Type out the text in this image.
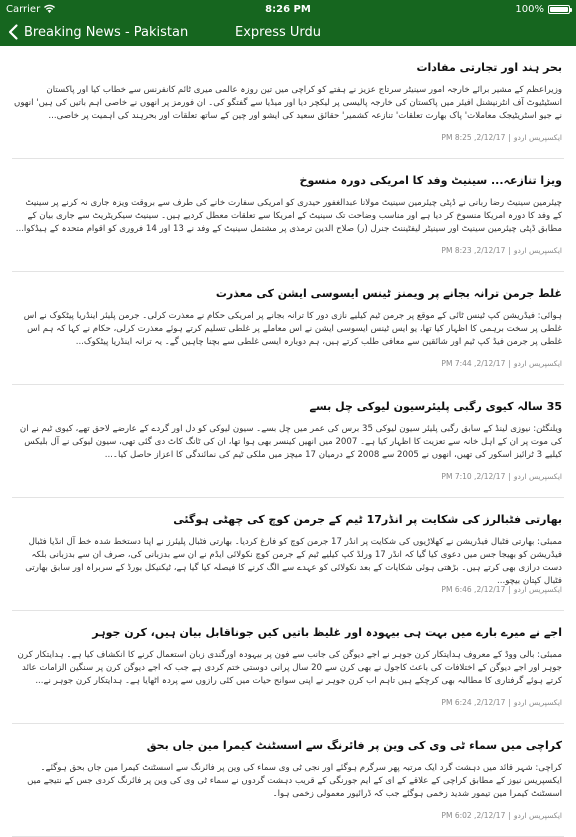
Carrier	8:26 PM	100%
Breaking News - Pakistan	Express Urdu
بحر ہند اور تجارتی مفادات
وزیراعظم کے مشیر برائے خارجہ امور سینیٹر سرتاج عزیز نے ہفتے کو کراچی میں تین روزہ عالمی میری ٹائم کانفرنس سے خطاب کیا اور پاکستان انسٹیٹیوٹ آف انٹرنیشنل افیئر میں پاکستان کی خارجہ پالیسی پر لیکچر دیا اور میڈیا سے گفتگو کی۔ ان فورمز پر انھوں نے خاصی اہم باتیں کی ہیں' انھوں نے جیو اسٹریٹیجک معاملات' پاک بھارت تعلقات' تنازعہ کشمیر' حقائق سعید کی ایشو اور چین کے ساتھ تعلقات اور بحرہند کی اہمیت پر خاصی...
ایکسپریس اردو|2/12/17, 8:25 PM
ویزا تنازعہ... سینیٹ وفد کا امریکی دورہ منسوخ
چیئرمین سینیٹ رضا ربانی نے ڈپٹی چیئرمین سینیٹ مولانا عبدالغفور حیدری کو امریکی سفارت خانے کی طرف سے بروقت ویزہ جاری نہ کرنے پر سینیٹ کے وفد کا دورہ امریکا منسوخ کر دیا ہے اور مناسب وضاحت تک سینیٹ کے امریکا سے تعلقات معطل کردیے ہیں۔ سینیٹ سیکریٹریٹ سے جاری بیان کے مطابق ڈپٹی چیئرمین سینیٹ اور سینیٹر لیفٹیننٹ جنرل (ر) صلاح الدین ترمذی پر مشتمل سینیٹ کے وفد نے 13 اور 14 فروری کو اقوام متحدہ کے ہیڈکوا...
ایکسپریس اردو|2/12/17, 8:23 PM
غلط جرمن ترانہ بجانے پر ویمنز ٹینس ایسوسی ایشن کی معذرت
ہوائی: فیڈریشن کپ ٹینس ٹائی کے موقع پر جرمن ٹیم کیلیے نازی دور کا ترانہ بجانے پر امریکی حکام نے معذرت کرلی۔ جرمن پلیئر اینڈریا پیٹکوک نے اس غلطی پر سخت برہمی کا اظہار کیا تھا، یو ایس ٹینس ایسوسی ایشن نے اس معاملے پر غلطی تسلیم کرتے ہوئے معذرت کرلی، حکام نے کہا کہ ہم اس غلطی پر جرمن فیڈ کپ ٹیم اور شائقین سے معافی طلب کرتے ہیں، ہم دوبارہ ایسی غلطی سے بچنا چاہیں گے۔ یہ ترانہ اینڈریا پیٹکوک...
ایکسپریس اردو|2/12/17, 7:44 PM
35 سالہ کیوی رگبی پلیئرسیون لیوکی چل بسے
ویلنگٹن: نیوزی لینڈ کے سابق رگبی پلیئر سیون لیوکی 35 برس کی عمر میں چل بسے۔ سیون لیوکی کو دل اور گردے کے عارضے لاحق تھے، کیوی ٹیم نے ان کی موت پر ان کے اہل خانہ سے تعزیت کا اظہار کیا ہے۔ 2007 میں انھیں کینسر بھی ہوا تھا، ان کی ٹانگ کاٹ دی گئی تھی، سیون لیوکی نے آل بلیکس کیلیے 3 ٹرائیز اسکور کی تھیں، انھوں نے 2005 سے 2008 کے درمیان 17 میچز میں ملکی ٹیم کی نمائندگی کا اعزاز حاصل کیا۔...
ایکسپریس اردو|2/12/17, 7:10 PM
بھارتی فٹبالرز کی شکایت پر انڈر17 ٹیم کے جرمن کوچ کی چھٹی ہوگئی
ممبئی: بھارتی فٹبال فیڈریشن نے کھلاڑیوں کی شکایت پر انڈر 17 جرمن کوچ کو فارغ کردیا۔ بھارتی فٹبال پلیئرز نے اپنا دستخط شدہ خط آل انڈیا فٹبال فیڈریشن کو بھیجا جس میں دعوی کیا گیا کہ انڈر 17 ورلڈ کپ کیلیے ٹیم کے جرمن کوچ نکولائی ایڈم نے ان سے بدزبانی کی، صرف ان سے بدزبانی بلکہ دست درازی بھی کرتے ہیں۔ بڑھتی ہوئی شکایات کے بعد نکولائی کو عہدے سے الگ کرنے کا فیصلہ کیا گیا ہے، ٹیکنیکل بورڈ کے سربراہ اور سابق بھارتی فٹبال کپتان بیچو...
ایکسپریس اردو|2/12/17, 6:46 PM
اجے نے میرے بارے میں بہت ہی بیہودہ اور غلیظ باتیں کیں جوناقابل بیان ہیں، کرن جوہر
ممبئی: بالی ووڈ کے معروف ہدایتکار کرن جوہر نے اجے دیوگن کی جانب سے فون پر بیہودہ اورگندی زبان استعمال کرنے کا انکشاف کیا ہے۔ ہدایتکار کرن جوہر اور اجے دیوگن کے اختلافات کی باعث کاجول نے بھی کرن سے 20 سال پرانی دوستی ختم کردی ہے جب کہ اجے دیوگن کرن پر سنگین الزامات عائد کرتے ہوئے گرفتاری کا مطالبہ بھی کرچکے ہیں تاہم اب کرن جوہر نے اپنی سوانح حیات میں کئی رازوں سے پردہ اٹھایا ہے۔ ہدایتکار کرن جوہر نے...
ایکسپریس اردو|2/12/17, 6:24 PM
کراچی میں سماء ٹی وی کی وین پر فائرنگ سے اسسٹنٹ کیمرا مین جاں بحق
کراچی: شہر قائد میں دہشت گرد ایک مرتبہ پھر سرگرم ہوگئے اور نجی ٹی وی سماء کی وین پر فائرنگ سے اسسٹنٹ کیمرا مین جاں بحق ہوگئے۔ ایکسپریس نیوز کے مطابق کراچی کے علاقے کے ای کے ایم جورنگی کے قریب دہشت گردوں نے سماء ٹی وی کی وین پر فائرنگ کردی جس کے نتیجے میں اسسٹنٹ کیمرا مین تیمور شدید زخمی ہوگئے جب کہ ڈرائیور معمولی زخمی ہوا۔
ایکسپریس اردو|2/12/17, 6:02 PM
